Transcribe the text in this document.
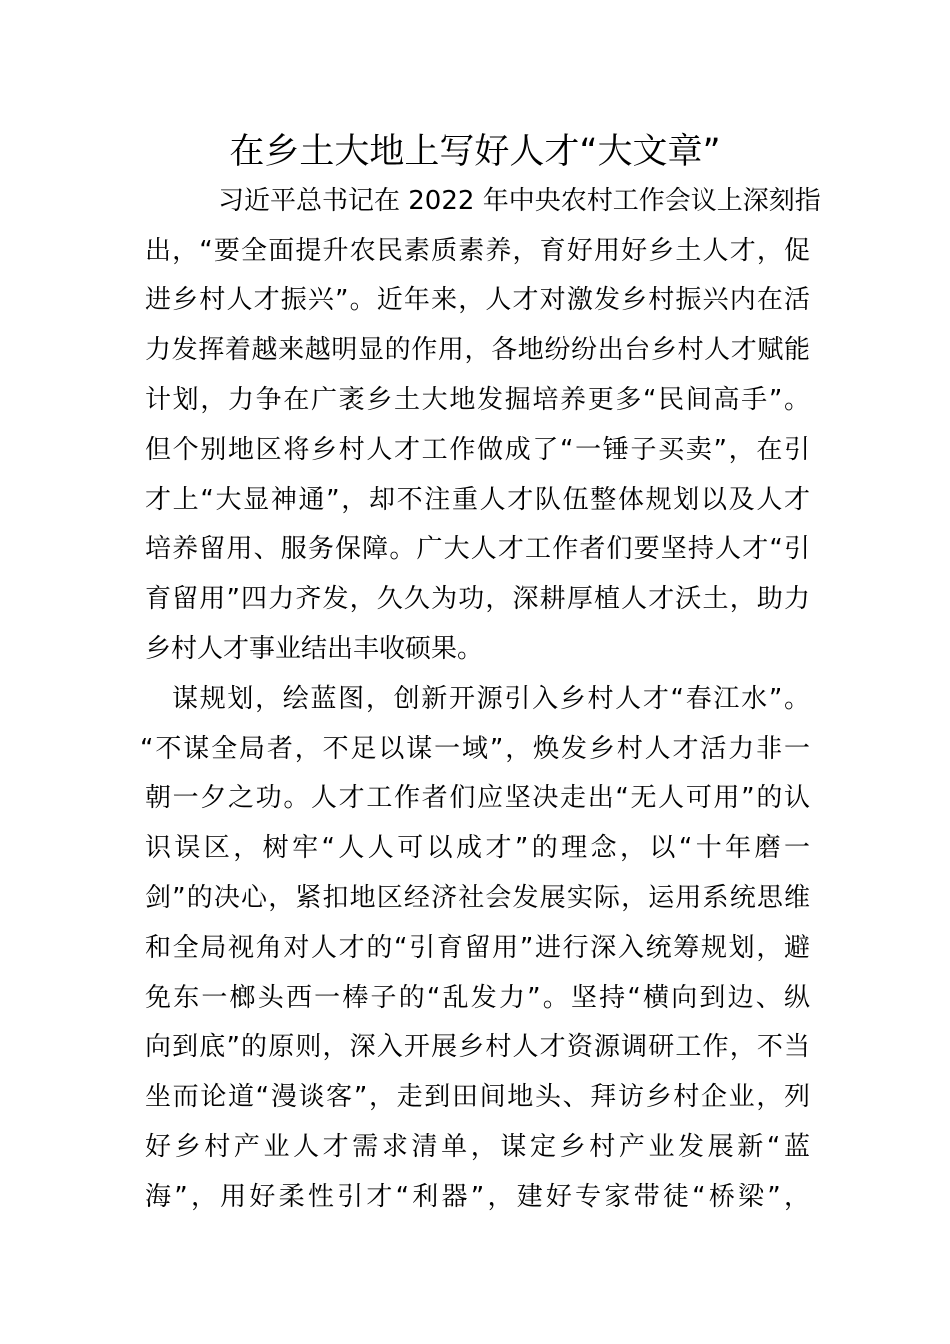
在乡土大地上写好人才“大文章”
习近平总书记在 2022 年中央农村工作会议上深刻指
出，“要全面提升农民素质素养，育好用好乡土人才，促
进乡村人才振兴”。近年来，人才对激发乡村振兴内在活
力发挥着越来越明显的作用，各地纷纷出台乡村人才赋能
计划，力争在广袤乡土大地发掘培养更多“民间高手”。
但个别地区将乡村人才工作做成了“一锤子买卖”，在引
才上“大显神通”，却不注重人才队伍整体规划以及人才
培养留用、服务保障。广大人才工作者们要坚持人才“引
育留用”四力齐发，久久为功，深耕厚植人才沃土，助力
乡村人才事业结出丰收硕果。
谋规划，绘蓝图，创新开源引入乡村人才“春江水”。
“不谋全局者，不足以谋一域”，焕发乡村人才活力非一
朝一夕之功。人才工作者们应坚决走出“无人可用”的认
识误区，树牢“人人可以成才”的理念，以“十年磨一
剑”的决心，紧扣地区经济社会发展实际，运用系统思维
和全局视角对人才的“引育留用”进行深入统筹规划，避
免东一榔头西一棒子的“乱发力”。坚持“横向到边、纵
向到底”的原则，深入开展乡村人才资源调研工作，不当
坐而论道“漫谈客”，走到田间地头、拜访乡村企业，列
好乡村产业人才需求清单，谋定乡村产业发展新“蓝
海”，用好柔性引才“利器”，建好专家带徒“桥梁”，
